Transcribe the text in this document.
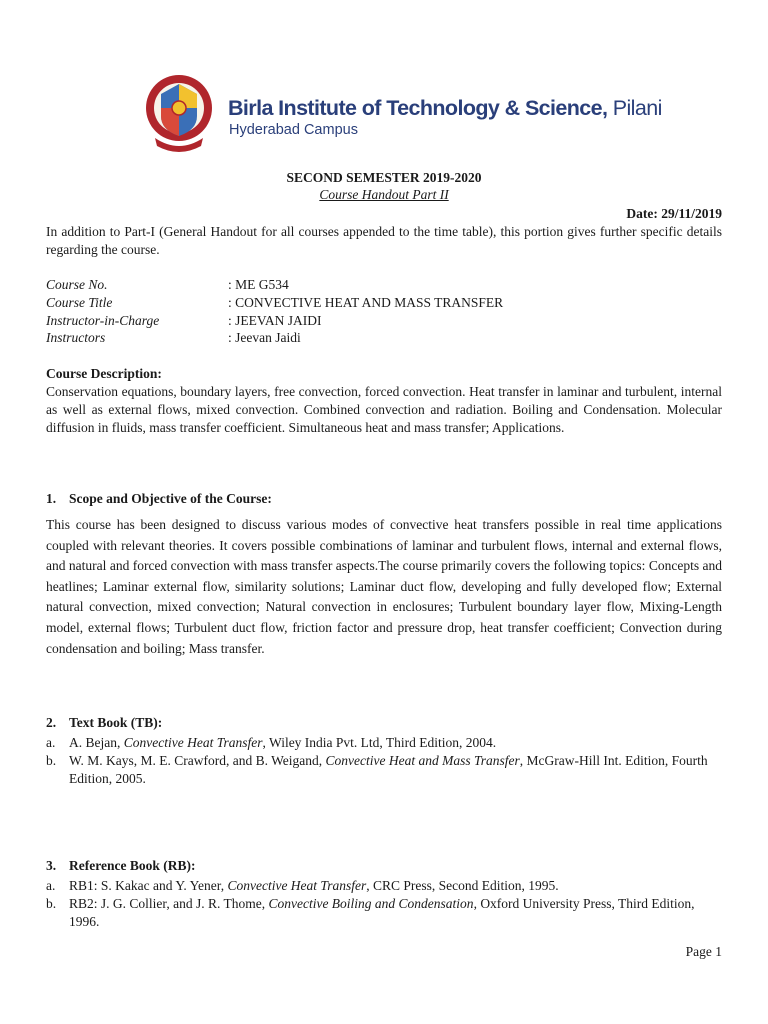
Birla Institute of Technology & Science, Pilani
Hyderabad Campus
SECOND SEMESTER 2019-2020
Course Handout Part II
Date: 29/11/2019
In addition to Part-I (General Handout for all courses appended to the time table), this portion gives further specific details regarding the course.
Course No.	: ME G534
Course Title	: CONVECTIVE HEAT AND MASS TRANSFER
Instructor-in-Charge	: JEEVAN JAIDI
Instructors	: Jeevan Jaidi
Course Description:
Conservation equations, boundary layers, free convection, forced convection. Heat transfer in laminar and turbulent, internal as well as external flows, mixed convection. Combined convection and radiation. Boiling and Condensation. Molecular diffusion in fluids, mass transfer coefficient. Simultaneous heat and mass transfer; Applications.
1. Scope and Objective of the Course:
This course has been designed to discuss various modes of convective heat transfers possible in real time applications coupled with relevant theories. It covers possible combinations of laminar and turbulent flows, internal and external flows, and natural and forced convection with mass transfer aspects.The course primarily covers the following topics: Concepts and heatlines; Laminar external flow, similarity solutions; Laminar duct flow, developing and fully developed flow; External natural convection, mixed convection; Natural convection in enclosures; Turbulent boundary layer flow, Mixing-Length model, external flows; Turbulent duct flow, friction factor and pressure drop, heat transfer coefficient; Convection during condensation and boiling; Mass transfer.
2. Text Book (TB):
a. A. Bejan, Convective Heat Transfer, Wiley India Pvt. Ltd, Third Edition, 2004.
b. W. M. Kays, M. E. Crawford, and B. Weigand, Convective Heat and Mass Transfer, McGraw-Hill Int. Edition, Fourth Edition, 2005.
3. Reference Book (RB):
a. RB1: S. Kakac and Y. Yener, Convective Heat Transfer, CRC Press, Second Edition, 1995.
b. RB2: J. G. Collier, and J. R. Thome, Convective Boiling and Condensation, Oxford University Press, Third Edition, 1996.
Page 1
